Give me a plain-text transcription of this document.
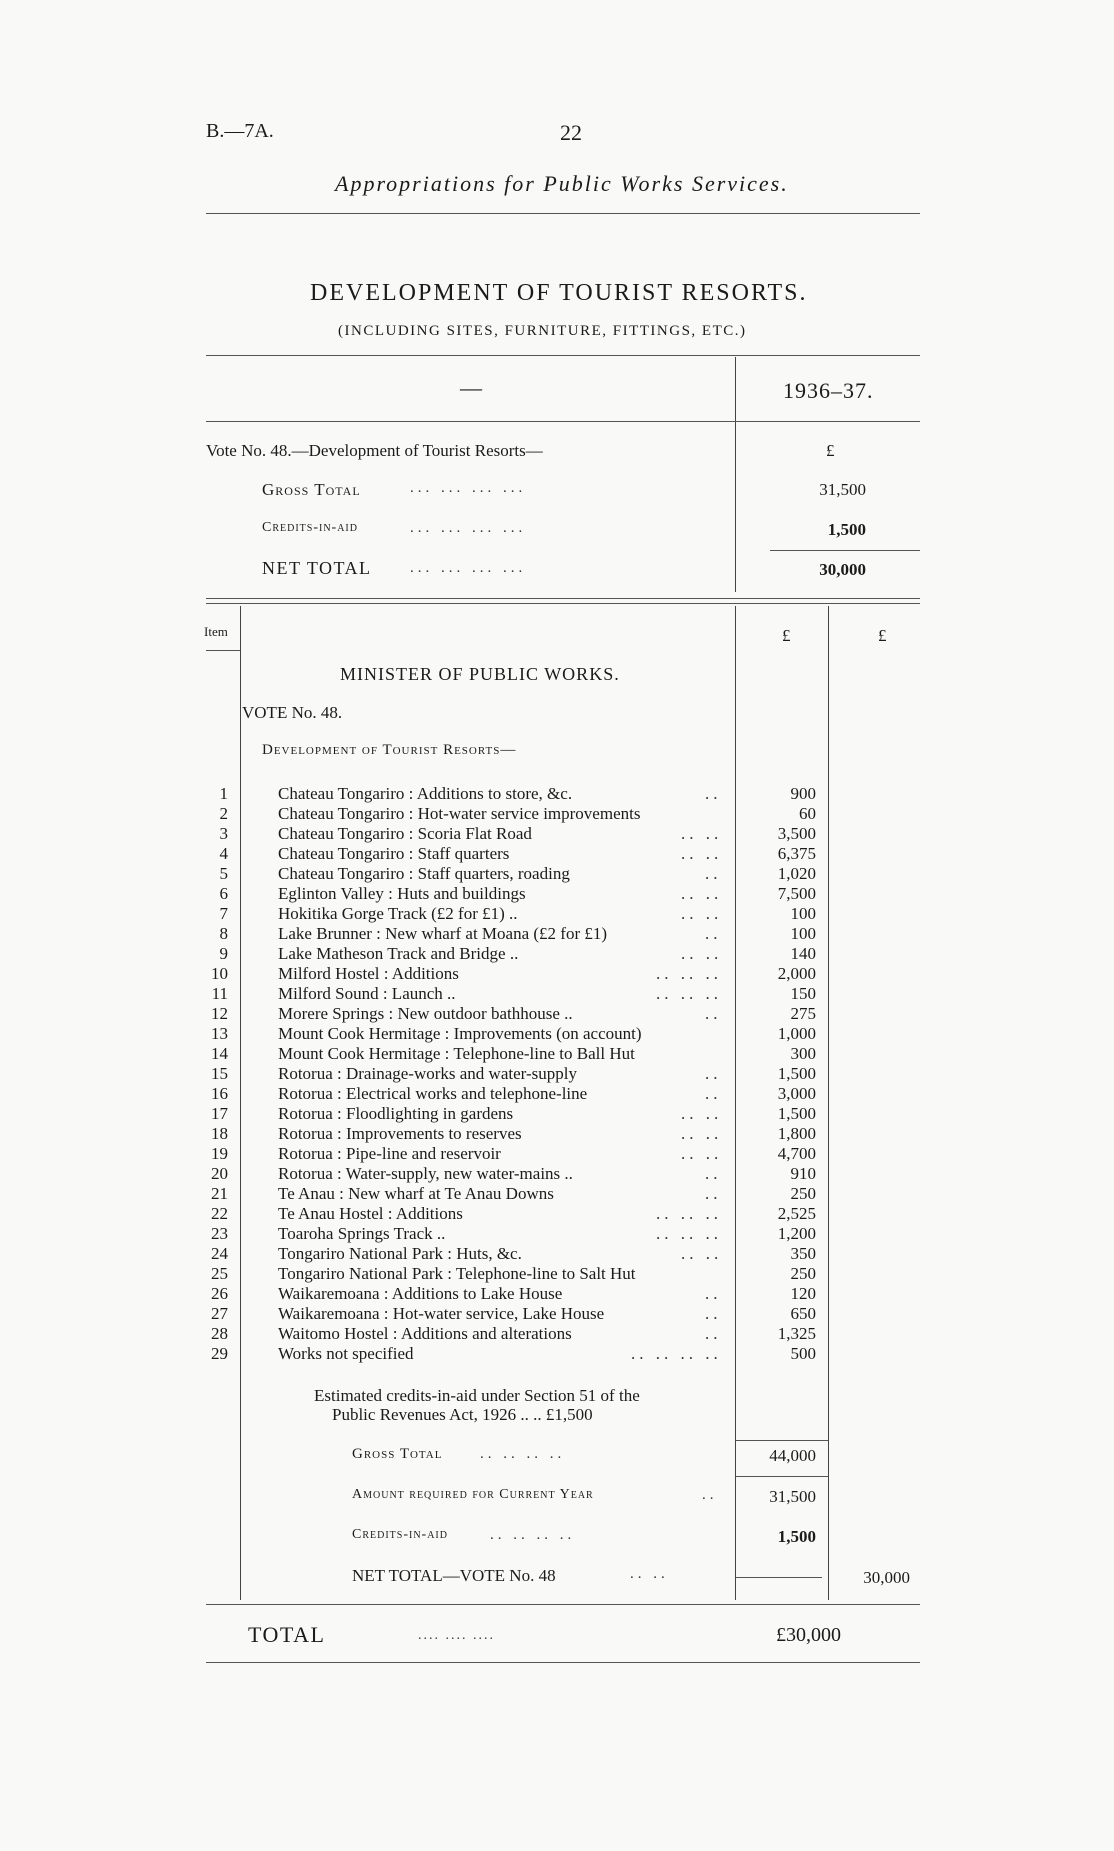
B.—7A.	22
Appropriations for Public Works Services.
DEVELOPMENT OF TOURIST RESORTS.
(INCLUDING SITES, FURNITURE, FITTINGS, ETC.)
—	1936–37.
Vote No. 48.—Development of Tourist Resorts—	£
Gross Total	... ... ... ...	31,500
Credits-in-aid	... ... ... ...	1,500
NET TOTAL	... ... ... ...	30,000
Item	£	£
MINISTER OF PUBLIC WORKS.
VOTE No. 48.
Development of Tourist Resorts—
1	Chateau Tongariro : Additions to store, &c.	..	900
2	Chateau Tongariro : Hot-water service improvements	60
3	Chateau Tongariro : Scoria Flat Road	.. ..	3,500
4	Chateau Tongariro : Staff quarters	.. ..	6,375
5	Chateau Tongariro : Staff quarters, roading	..	1,020
6	Eglinton Valley : Huts and buildings	.. ..	7,500
7	Hokitika Gorge Track (£2 for £1) ..	.. ..	100
8	Lake Brunner : New wharf at Moana (£2 for £1)	..	100
9	Lake Matheson Track and Bridge ..	.. ..	140
10	Milford Hostel : Additions	.. .. ..	2,000
11	Milford Sound : Launch ..	.. .. ..	150
12	Morere Springs : New outdoor bathhouse ..	..	275
13	Mount Cook Hermitage : Improvements (on account)	1,000
14	Mount Cook Hermitage : Telephone-line to Ball Hut	300
15	Rotorua : Drainage-works and water-supply	..	1,500
16	Rotorua : Electrical works and telephone-line	..	3,000
17	Rotorua : Floodlighting in gardens	.. ..	1,500
18	Rotorua : Improvements to reserves	.. ..	1,800
19	Rotorua : Pipe-line and reservoir	.. ..	4,700
20	Rotorua : Water-supply, new water-mains ..	..	910
21	Te Anau : New wharf at Te Anau Downs	..	250
22	Te Anau Hostel : Additions	.. .. ..	2,525
23	Toaroha Springs Track ..	.. .. ..	1,200
24	Tongariro National Park : Huts, &c.	.. ..	350
25	Tongariro National Park : Telephone-line to Salt Hut	250
26	Waikaremoana : Additions to Lake House	..	120
27	Waikaremoana : Hot-water service, Lake House	..	650
28	Waitomo Hostel : Additions and alterations	..	1,325
29	Works not specified	.. .. .. ..	500
Estimated credits-in-aid under Section 51 of the
Public Revenues Act, 1926 .. .. £1,500
Gross Total	.. .. .. ..	44,000
Amount required for Current Year	..	31,500
Credits-in-aid	.. .. .. ..	1,500
NET TOTAL—VOTE No. 48	.. ..	30,000
TOTAL	.... .... ....	£30,000
